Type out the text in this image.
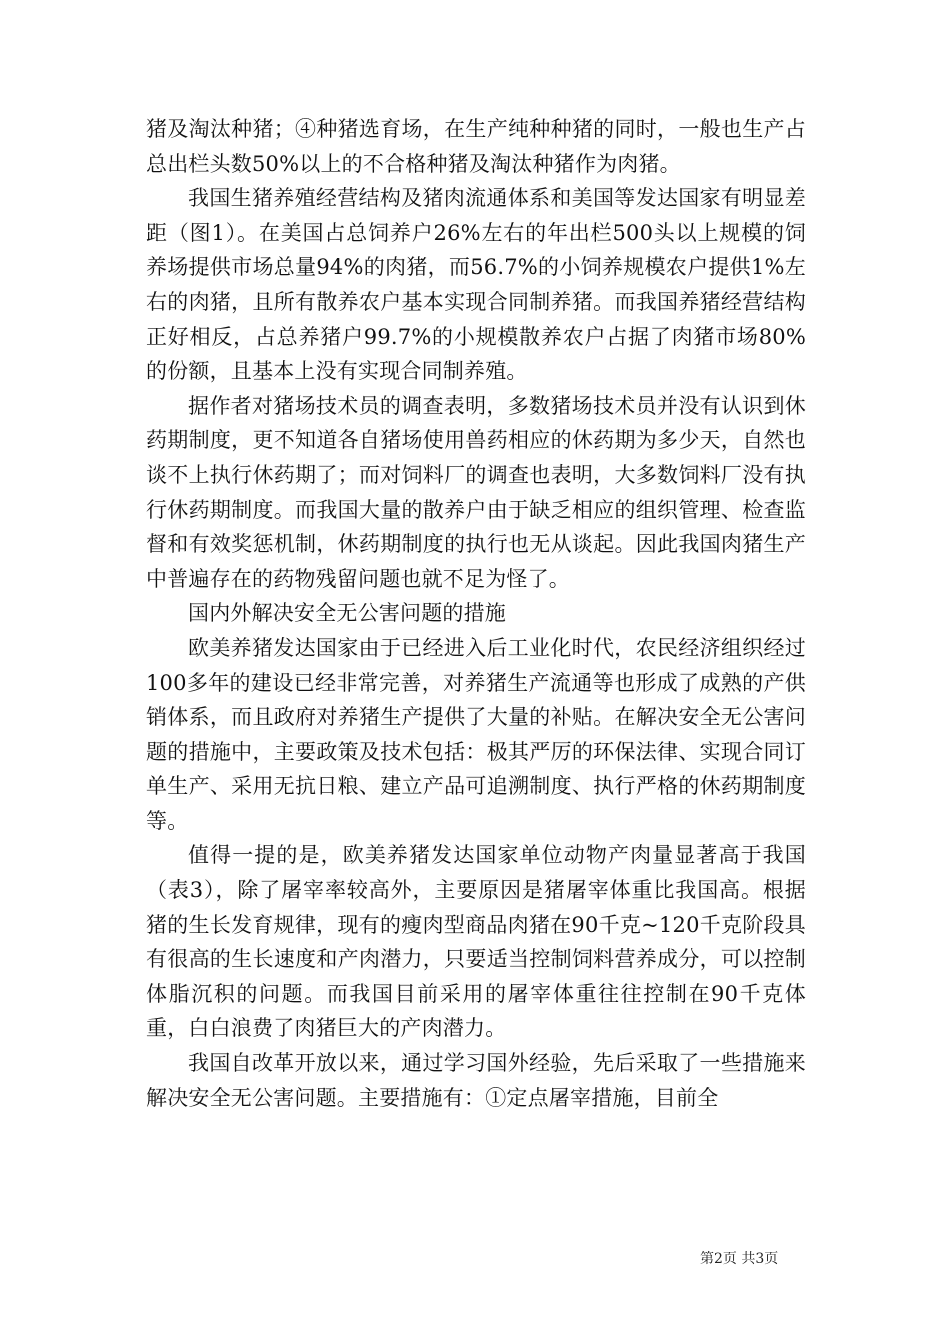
猪及淘汰种猪；④种猪选育场，在生产纯种种猪的同时，一般也生产占总出栏头数50%以上的不合格种猪及淘汰种猪作为肉猪。

我国生猪养殖经营结构及猪肉流通体系和美国等发达国家有明显差距（图1）。在美国占总饲养户26%左右的年出栏500头以上规模的饲养场提供市场总量94%的肉猪，而56.7%的小饲养规模农户提供1%左右的肉猪，且所有散养农户基本实现合同制养猪。而我国养猪经营结构正好相反，占总养猪户99.7%的小规模散养农户占据了肉猪市场80%的份额，且基本上没有实现合同制养殖。

据作者对猪场技术员的调查表明，多数猪场技术员并没有认识到休药期制度，更不知道各自猪场使用兽药相应的休药期为多少天，自然也谈不上执行休药期了；而对饲料厂的调查也表明，大多数饲料厂没有执行休药期制度。而我国大量的散养户由于缺乏相应的组织管理、检查监督和有效奖惩机制，休药期制度的执行也无从谈起。因此我国肉猪生产中普遍存在的药物残留问题也就不足为怪了。

国内外解决安全无公害问题的措施

欧美养猪发达国家由于已经进入后工业化时代，农民经济组织经过100多年的建设已经非常完善，对养猪生产流通等也形成了成熟的产供销体系，而且政府对养猪生产提供了大量的补贴。在解决安全无公害问题的措施中，主要政策及技术包括：极其严厉的环保法律、实现合同订单生产、采用无抗日粮、建立产品可追溯制度、执行严格的休药期制度等。

值得一提的是，欧美养猪发达国家单位动物产肉量显著高于我国（表3），除了屠宰率较高外，主要原因是猪屠宰体重比我国高。根据猪的生长发育规律，现有的瘦肉型商品肉猪在90千克~120千克阶段具有很高的生长速度和产肉潜力，只要适当控制饲料营养成分，可以控制体脂沉积的问题。而我国目前采用的屠宰体重往往控制在90千克体重，白白浪费了肉猪巨大的产肉潜力。

我国自改革开放以来，通过学习国外经验，先后采取了一些措施来解决安全无公害问题。主要措施有：①定点屠宰措施，目前全

第2页 共3页
